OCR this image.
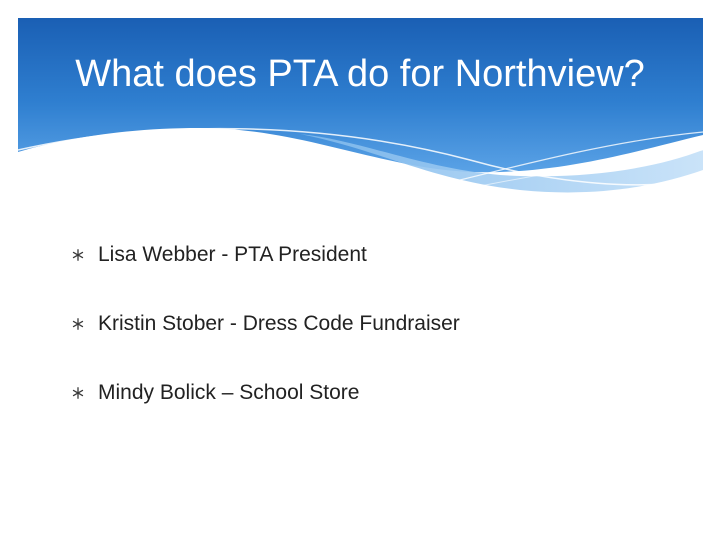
What does PTA do for Northview?
Lisa Webber - PTA President
Kristin Stober - Dress Code Fundraiser
Mindy Bolick – School Store
